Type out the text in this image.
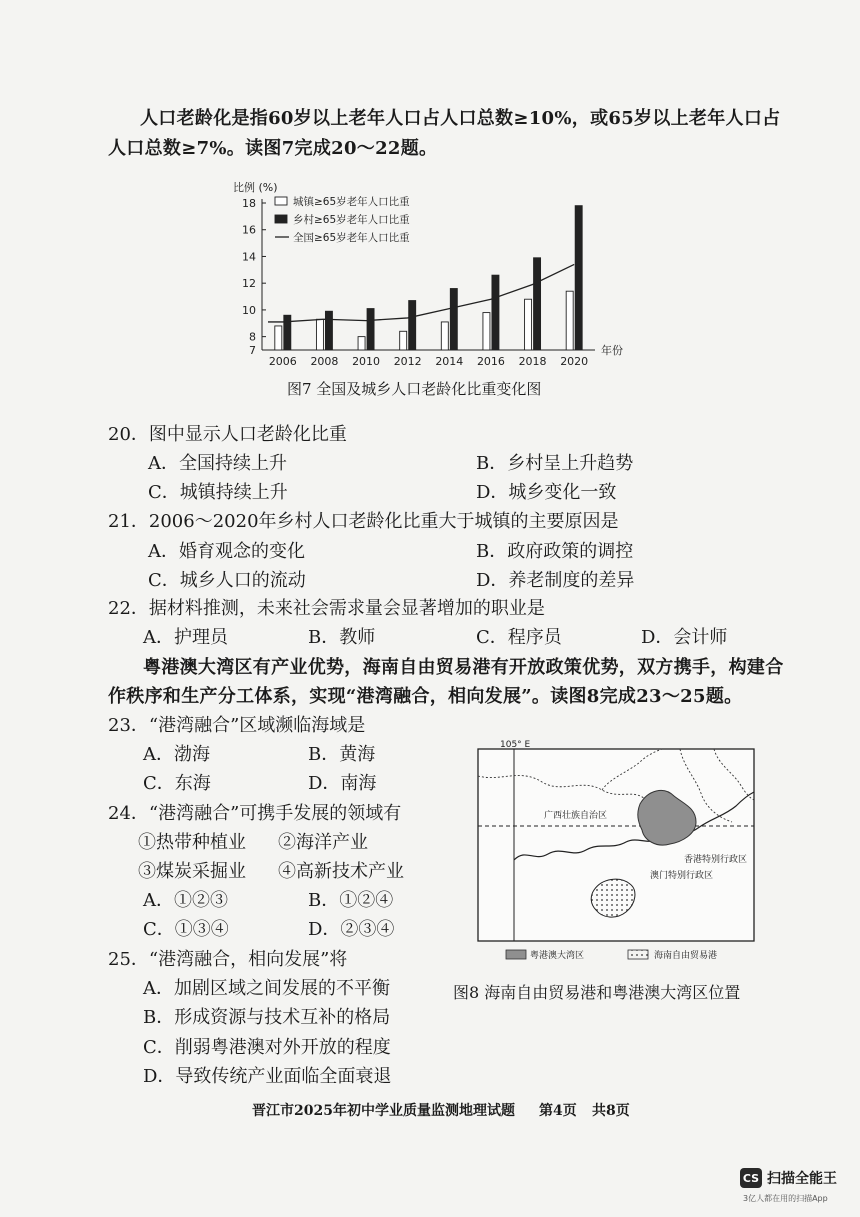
人口老龄化是指60岁以上老年人口占人口总数≥10%，或65岁以上老年人口占
人口总数≥7%。读图7完成20～22题。
7
8
10
12
14
16
18
比例 (%)
年份
2006 2008 2010 2012 2014 2016 2018 2020
城镇≥65岁老年人口比重
乡村≥65岁老年人口比重
全国≥65岁老年人口比重
图7 全国及城乡人口老龄化比重变化图
20．图中显示人口老龄化比重
A．全国持续上升	B．乡村呈上升趋势
C．城镇持续上升	D．城乡变化一致
21．2006～2020年乡村人口老龄化比重大于城镇的主要原因是
A．婚育观念的变化	B．政府政策的调控
C．城乡人口的流动	D．养老制度的差异
22．据材料推测，未来社会需求量会显著增加的职业是
A．护理员	B．教师	C．程序员	D．会计师
粤港澳大湾区有产业优势，海南自由贸易港有开放政策优势，双方携手，构建合
作秩序和生产分工体系，实现“港湾融合，相向发展”。读图8完成23～25题。
23．“港湾融合”区域濒临海域是
A．渤海	B．黄海
C．东海	D．南海
24．“港湾融合”可携手发展的领域有
①热带种植业 ②海洋产业
③煤炭采掘业 ④高新技术产业
A．①②③	B．①②④
C．①③④	D．②③④
25．“港湾融合，相向发展”将
A．加剧区域之间发展的不平衡
B．形成资源与技术互补的格局
C．削弱粤港澳对外开放的程度
D．导致传统产业面临全面衰退
105° E
广西壮族自治区
香港特别行政区
澳门特别行政区
粤港澳大湾区	海南自由贸易港
图8 海南自由贸易港和粤港澳大湾区位置
晋江市2025年初中学业质量监测地理试题 第4页 共8页
CS 扫描全能王
3亿人都在用的扫描App
